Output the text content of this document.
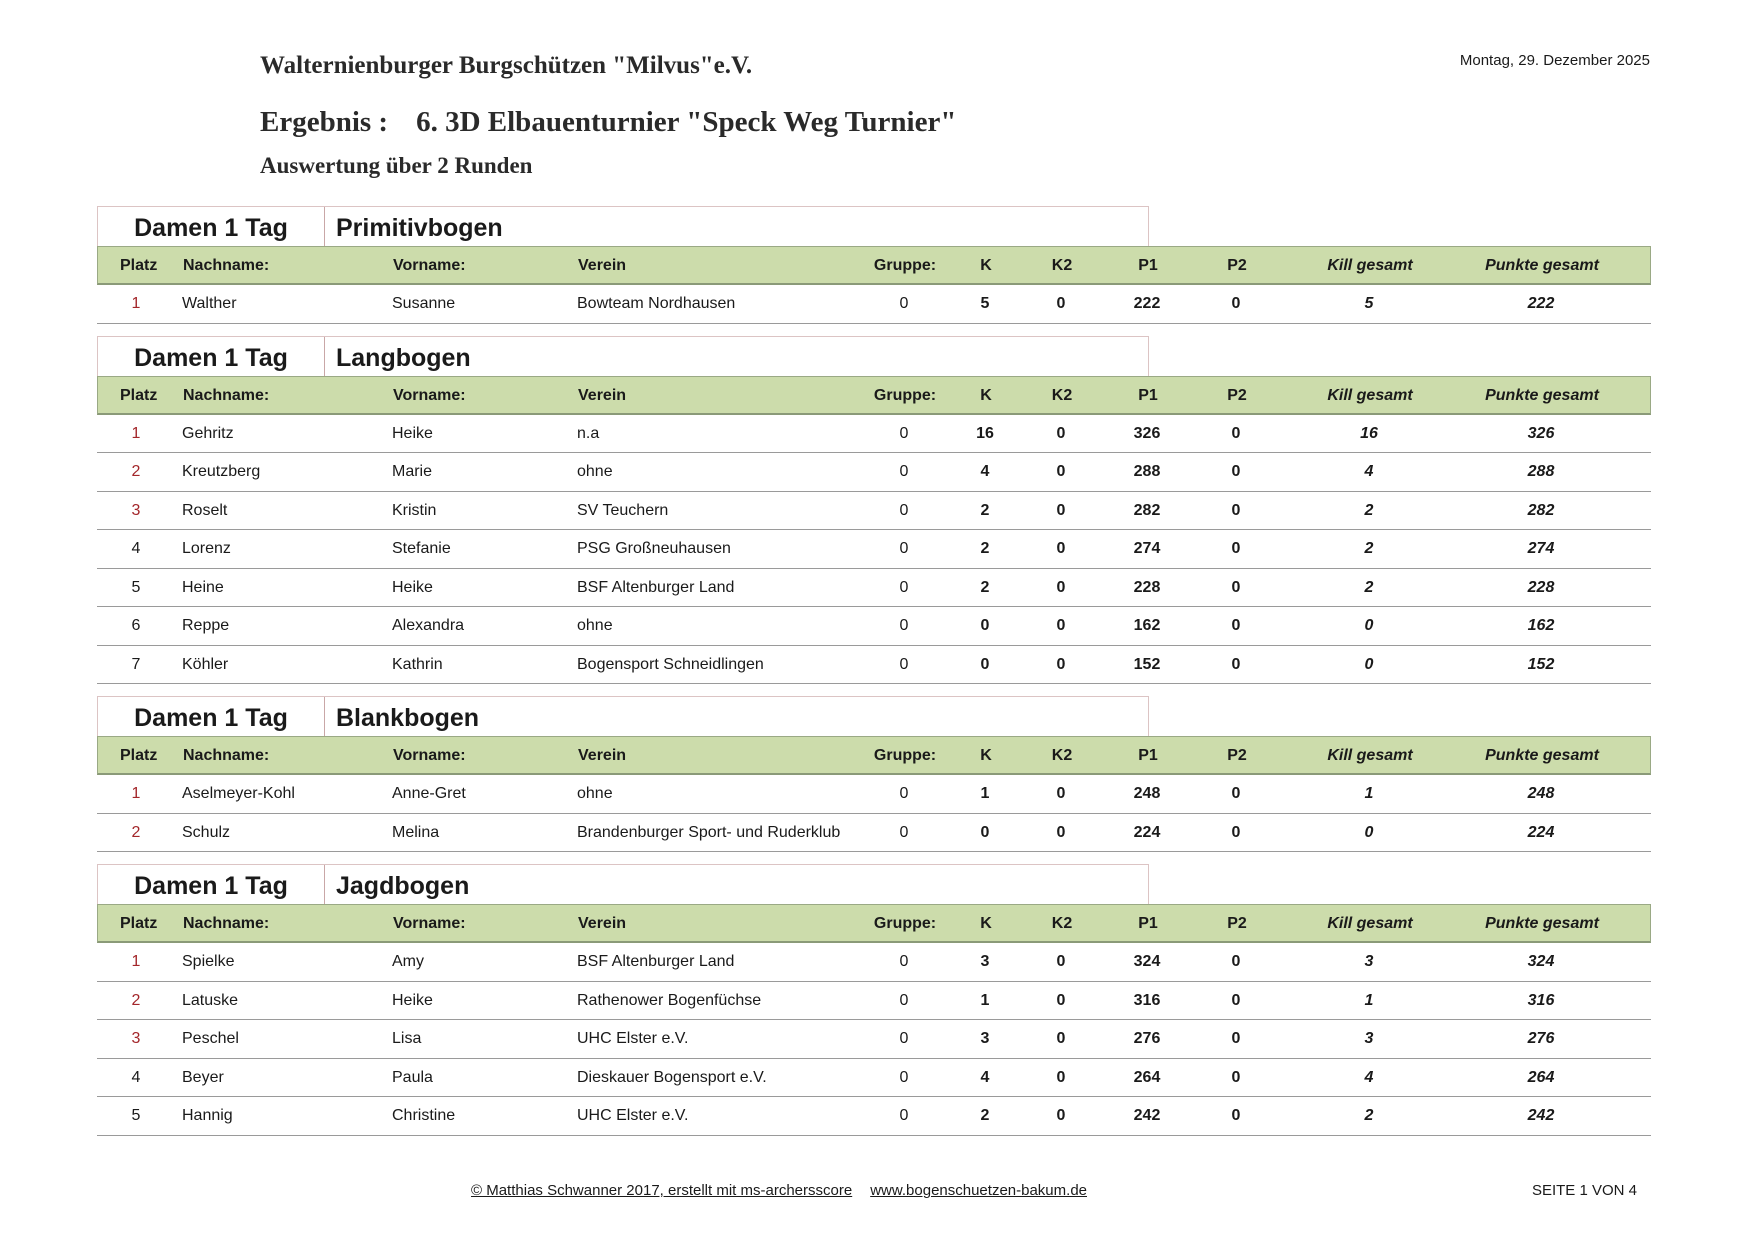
Walternienburger Burgschützen "Milvus"e.V.	Montag, 29. Dezember 2025
Ergebnis : 6. 3D Elbauenturnier "Speck Weg Turnier"
Auswertung über 2 Runden
Damen 1 Tag	Primitivbogen
Platz Nachname:	Vorname:	Verein	Gruppe:	K	K2	P1	P2	Kill gesamt	Punkte gesamt
1	Walther	Susanne	Bowteam Nordhausen	0	5	0	222	0	5	222
Damen 1 Tag	Langbogen
Platz Nachname:	Vorname:	Verein	Gruppe:	K	K2	P1	P2	Kill gesamt	Punkte gesamt
1	Gehritz	Heike	n.a	0	16	0	326	0	16	326
2	Kreutzberg	Marie	ohne	0	4	0	288	0	4	288
3	Roselt	Kristin	SV Teuchern	0	2	0	282	0	2	282
4	Lorenz	Stefanie	PSG Großneuhausen	0	2	0	274	0	2	274
5	Heine	Heike	BSF Altenburger Land	0	2	0	228	0	2	228
6	Reppe	Alexandra	ohne	0	0	0	162	0	0	162
7	Köhler	Kathrin	Bogensport Schneidlingen	0	0	0	152	0	0	152
Damen 1 Tag	Blankbogen
Platz Nachname:	Vorname:	Verein	Gruppe:	K	K2	P1	P2	Kill gesamt	Punkte gesamt
1	Aselmeyer-Kohl	Anne-Gret	ohne	0	1	0	248	0	1	248
2	Schulz	Melina	Brandenburger Sport- und Ruderklub	0	0	0	224	0	0	224
Damen 1 Tag	Jagdbogen
Platz Nachname:	Vorname:	Verein	Gruppe:	K	K2	P1	P2	Kill gesamt	Punkte gesamt
1	Spielke	Amy	BSF Altenburger Land	0	3	0	324	0	3	324
2	Latuske	Heike	Rathenower Bogenfüchse	0	1	0	316	0	1	316
3	Peschel	Lisa	UHC Elster e.V.	0	3	0	276	0	3	276
4	Beyer	Paula	Dieskauer Bogensport e.V.	0	4	0	264	0	4	264
5	Hannig	Christine	UHC Elster e.V.	0	2	0	242	0	2	242
© Matthias Schwanner 2017, erstellt mit ms-archersscore www.bogenschuetzen-bakum.de	SEITE 1 VON 4
